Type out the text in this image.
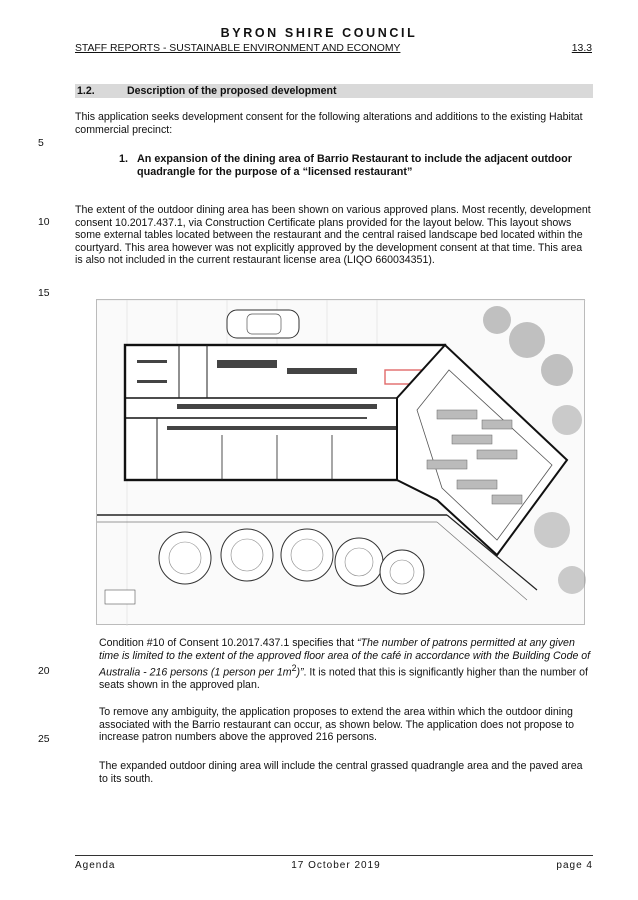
BYRON SHIRE COUNCIL
STAFF REPORTS - SUSTAINABLE ENVIRONMENT AND ECONOMY	13.3
1.2.	Description of the proposed development
This application seeks development consent for the following alterations and additions to the existing Habitat commercial precinct:
5
1. An expansion of the dining area of Barrio Restaurant to include the adjacent outdoor quadrangle for the purpose of a “licensed restaurant”
The extent of the outdoor dining area has been shown on various approved plans. Most recently, development consent 10.2017.437.1, via Construction Certificate plans provided for the layout below. This layout shows some external tables located between the restaurant and the central raised landscape bed located within the courtyard. This area however was not explicitly approved by the development consent at that time. This area is also not included in the current restaurant license area (LIQO 660034351).
10
15
Condition #10 of Consent 10.2017.437.1 specifies that “The number of patrons permitted at any given time is limited to the extent of the approved floor area of the café in accordance with the Building Code of Australia - 216 persons (1 person per $1m^2$)”. It is noted that this is significantly higher than the number of seats shown in the approved plan.
20
To remove any ambiguity, the application proposes to extend the area within which the outdoor dining associated with the Barrio restaurant can occur, as shown below. The application does not propose to increase patron numbers above the approved 216 persons.
25
The expanded outdoor dining area will include the central grassed quadrangle area and the paved area to its south.
Agenda	17 October 2019	page 4
